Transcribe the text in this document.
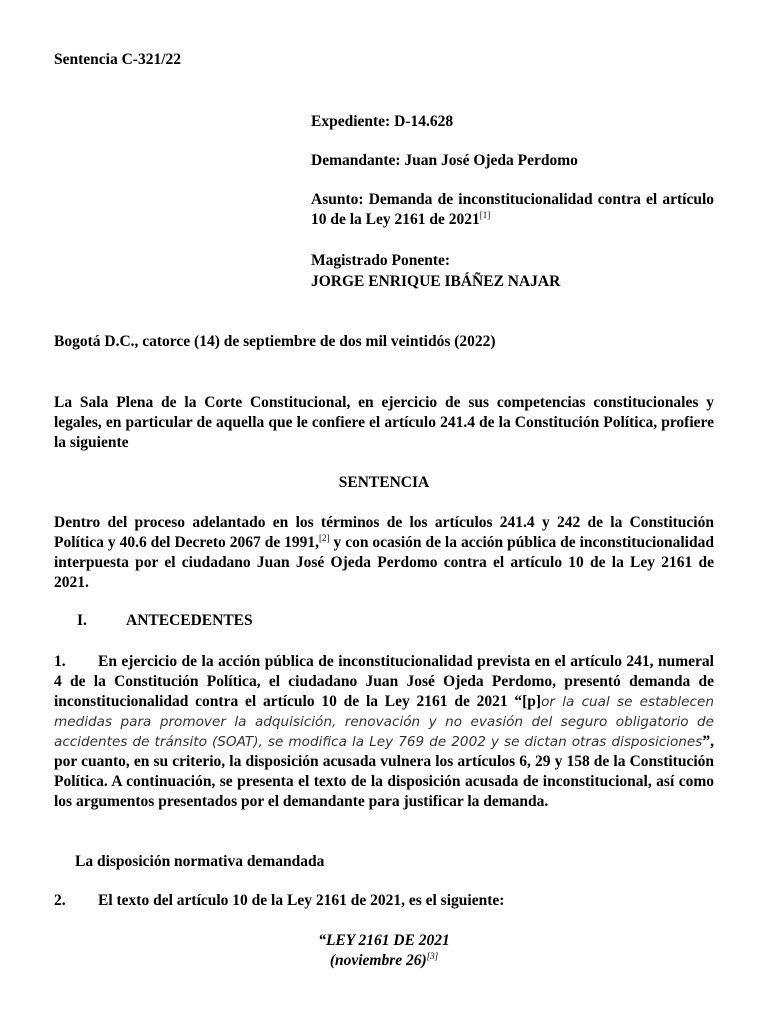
Sentencia C-321/22
Expediente: D-14.628
Demandante: Juan José Ojeda Perdomo
Asunto: Demanda de inconstitucionalidad contra el artículo 10 de la Ley 2161 de 2021[1]
Magistrado Ponente:
JORGE ENRIQUE IBÁÑEZ NAJAR
Bogotá D.C., catorce (14) de septiembre de dos mil veintidós (2022)
La Sala Plena de la Corte Constitucional, en ejercicio de sus competencias constitucionales y legales, en particular de aquella que le confiere el artículo 241.4 de la Constitución Política, profiere la siguiente
SENTENCIA
Dentro del proceso adelantado en los términos de los artículos 241.4 y 242 de la Constitución Política y 40.6 del Decreto 2067 de 1991,[2] y con ocasión de la acción pública de inconstitucionalidad interpuesta por el ciudadano Juan José Ojeda Perdomo contra el artículo 10 de la Ley 2161 de 2021.
I.	ANTECEDENTES
1. En ejercicio de la acción pública de inconstitucionalidad prevista en el artículo 241, numeral 4 de la Constitución Política, el ciudadano Juan José Ojeda Perdomo, presentó demanda de inconstitucionalidad contra el artículo 10 de la Ley 2161 de 2021 “[p]or la cual se establecen medidas para promover la adquisición, renovación y no evasión del seguro obligatorio de accidentes de tránsito (SOAT), se modifica la Ley 769 de 2002 y se dictan otras disposiciones”, por cuanto, en su criterio, la disposición acusada vulnera los artículos 6, 29 y 158 de la Constitución Política. A continuación, se presenta el texto de la disposición acusada de inconstitucional, así como los argumentos presentados por el demandante para justificar la demanda.
La disposición normativa demandada
2. El texto del artículo 10 de la Ley 2161 de 2021, es el siguiente:
“LEY 2161 DE 2021
(noviembre 26)[3]
